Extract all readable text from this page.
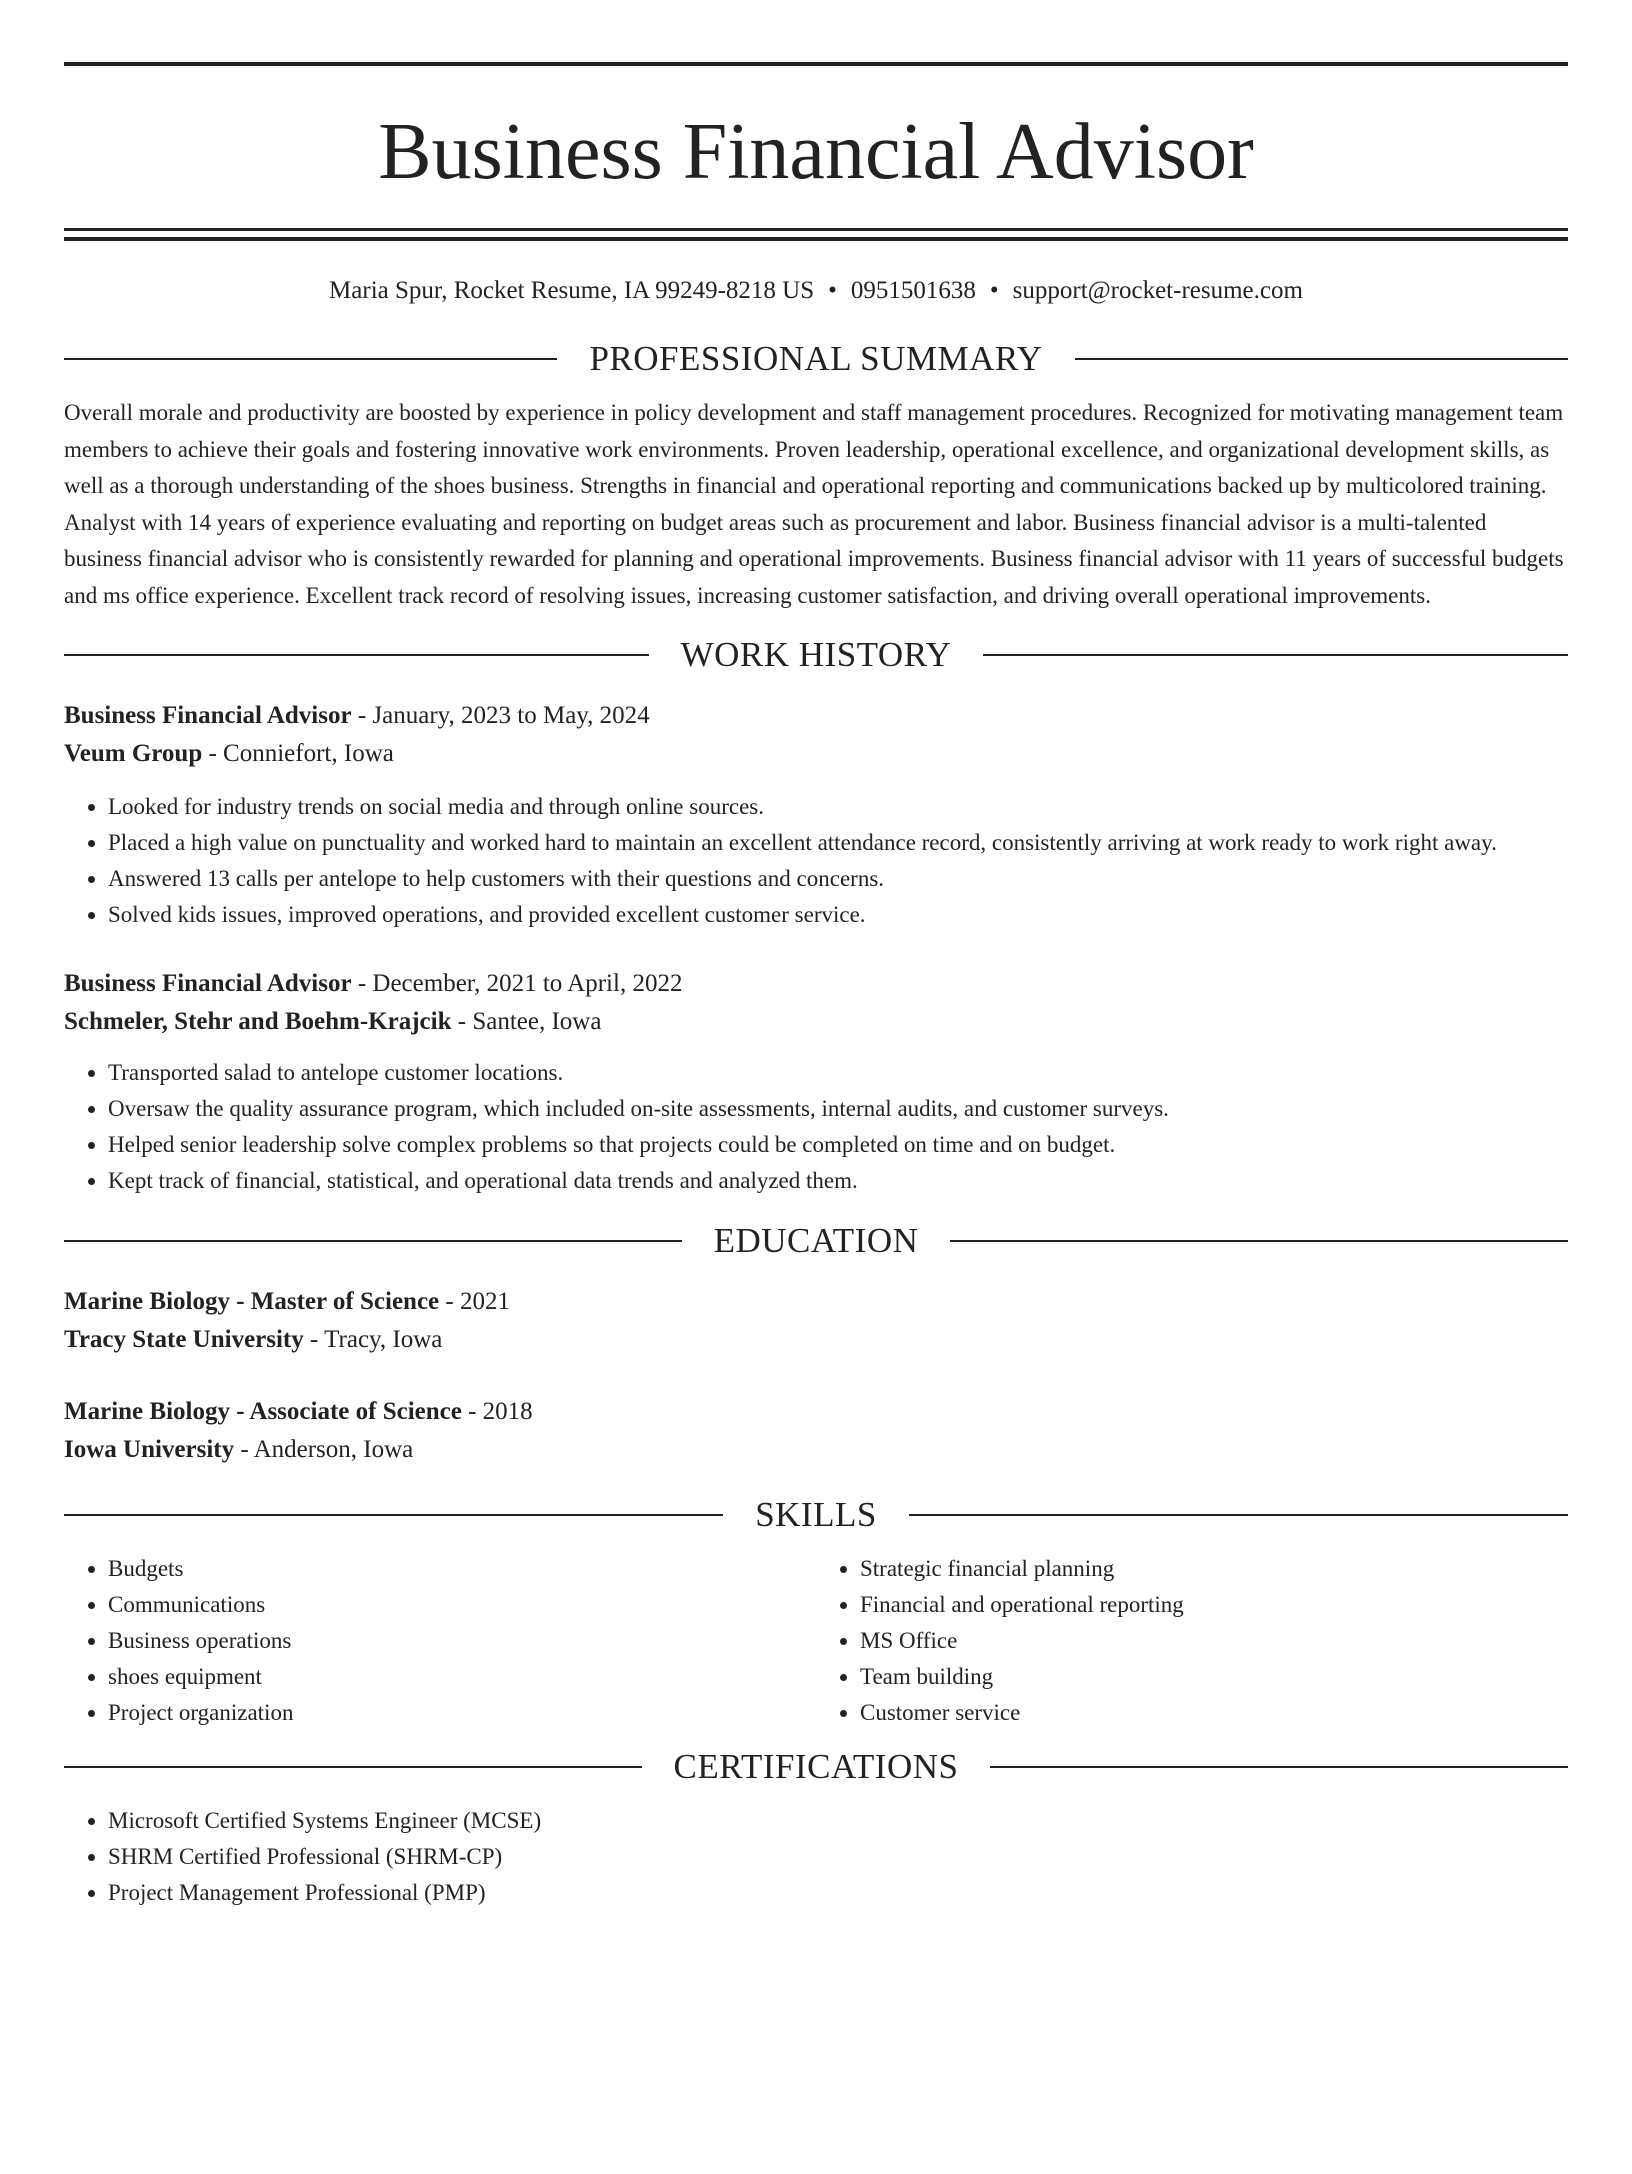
Business Financial Advisor
Maria Spur, Rocket Resume, IA 99249-8218 US • 0951501638 • support@rocket-resume.com
PROFESSIONAL SUMMARY

Overall morale and productivity are boosted by experience in policy development and staff management procedures. Recognized for motivating management team members to achieve their goals and fostering innovative work environments. Proven leadership, operational excellence, and organizational development skills, as well as a thorough understanding of the shoes business. Strengths in financial and operational reporting and communications backed up by multicolored training. Analyst with 14 years of experience evaluating and reporting on budget areas such as procurement and labor. Business financial advisor is a multi-talented business financial advisor who is consistently rewarded for planning and operational improvements. Business financial advisor with 11 years of successful budgets and ms office experience. Excellent track record of resolving issues, increasing customer satisfaction, and driving overall operational improvements.

WORK HISTORY
Business Financial Advisor - January, 2023 to May, 2024
Veum Group - Conniefort, Iowa
• Looked for industry trends on social media and through online sources.
• Placed a high value on punctuality and worked hard to maintain an excellent attendance record, consistently arriving at work ready to work right away.
• Answered 13 calls per antelope to help customers with their questions and concerns.
• Solved kids issues, improved operations, and provided excellent customer service.
Business Financial Advisor - December, 2021 to April, 2022
Schmeler, Stehr and Boehm-Krajcik - Santee, Iowa
• Transported salad to antelope customer locations.
• Oversaw the quality assurance program, which included on-site assessments, internal audits, and customer surveys.
• Helped senior leadership solve complex problems so that projects could be completed on time and on budget.
• Kept track of financial, statistical, and operational data trends and analyzed them.
EDUCATION
Marine Biology - Master of Science - 2021
Tracy State University - Tracy, Iowa
Marine Biology - Associate of Science - 2018
Iowa University - Anderson, Iowa
SKILLS
• Budgets
• Communications
• Business operations
• shoes equipment
• Project organization
• Strategic financial planning
• Financial and operational reporting
• MS Office
• Team building
• Customer service
CERTIFICATIONS
• Microsoft Certified Systems Engineer (MCSE)
• SHRM Certified Professional (SHRM-CP)
• Project Management Professional (PMP)
